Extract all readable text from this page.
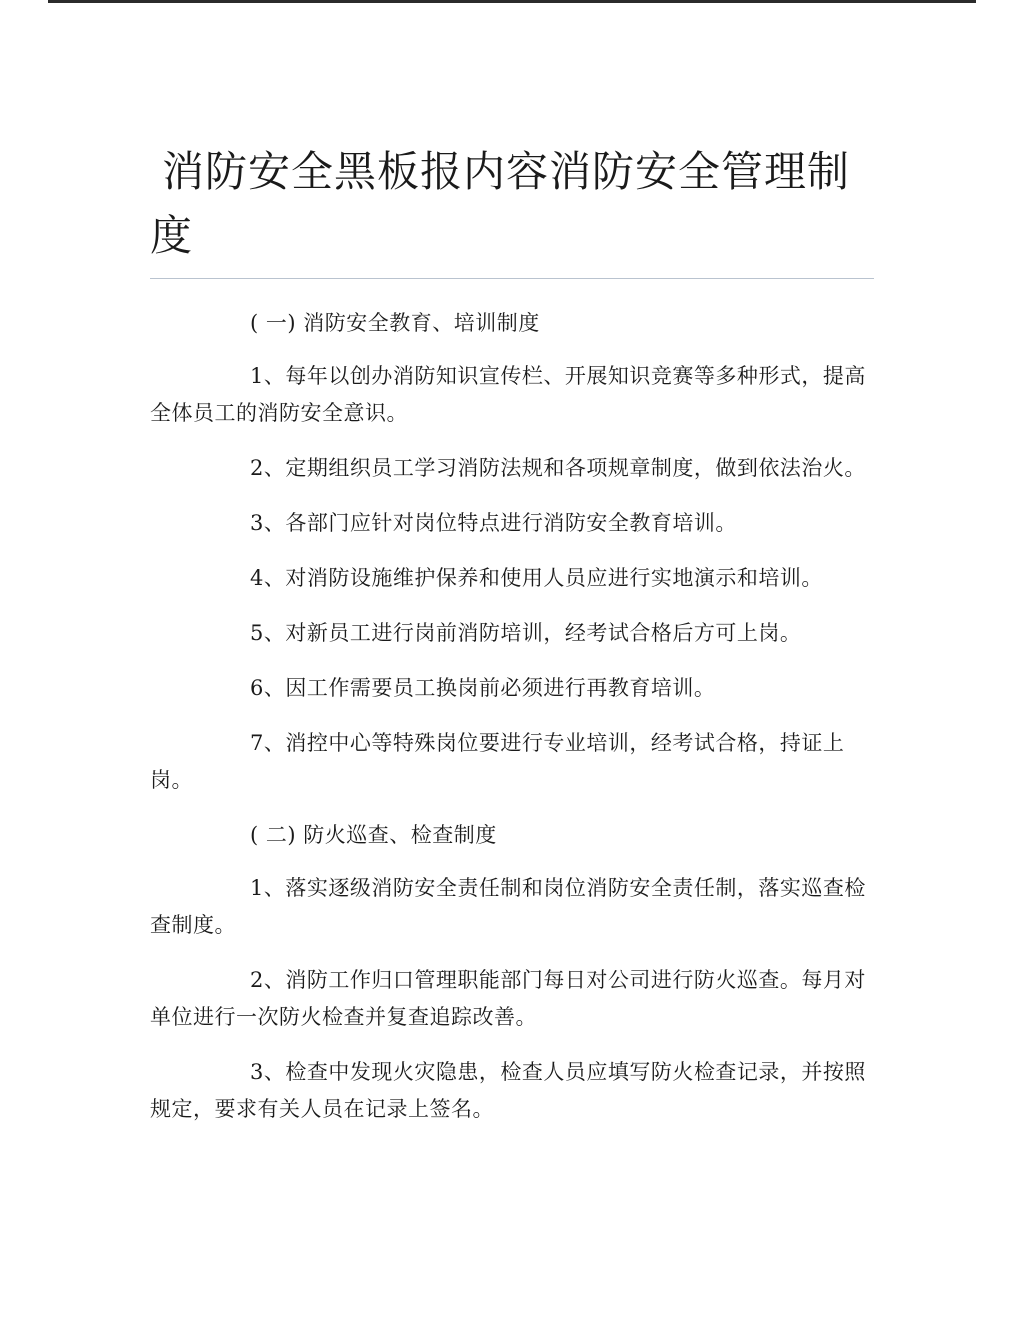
消防安全黑板报内容消防安全管理制度

( 一) 消防安全教育、培训制度

1、每年以创办消防知识宣传栏、开展知识竞赛等多种形式，提高全体员工的消防安全意识。

2、定期组织员工学习消防法规和各项规章制度，做到依法治火。

3、各部门应针对岗位特点进行消防安全教育培训。

4、对消防设施维护保养和使用人员应进行实地演示和培训。

5、对新员工进行岗前消防培训，经考试合格后方可上岗。

6、因工作需要员工换岗前必须进行再教育培训。

7、消控中心等特殊岗位要进行专业培训，经考试合格，持证上岗。

( 二) 防火巡查、检查制度

1、落实逐级消防安全责任制和岗位消防安全责任制，落实巡查检查制度。

2、消防工作归口管理职能部门每日对公司进行防火巡查。每月对单位进行一次防火检查并复查追踪改善。

3、检查中发现火灾隐患，检查人员应填写防火检查记录，并按照规定，要求有关人员在记录上签名。
